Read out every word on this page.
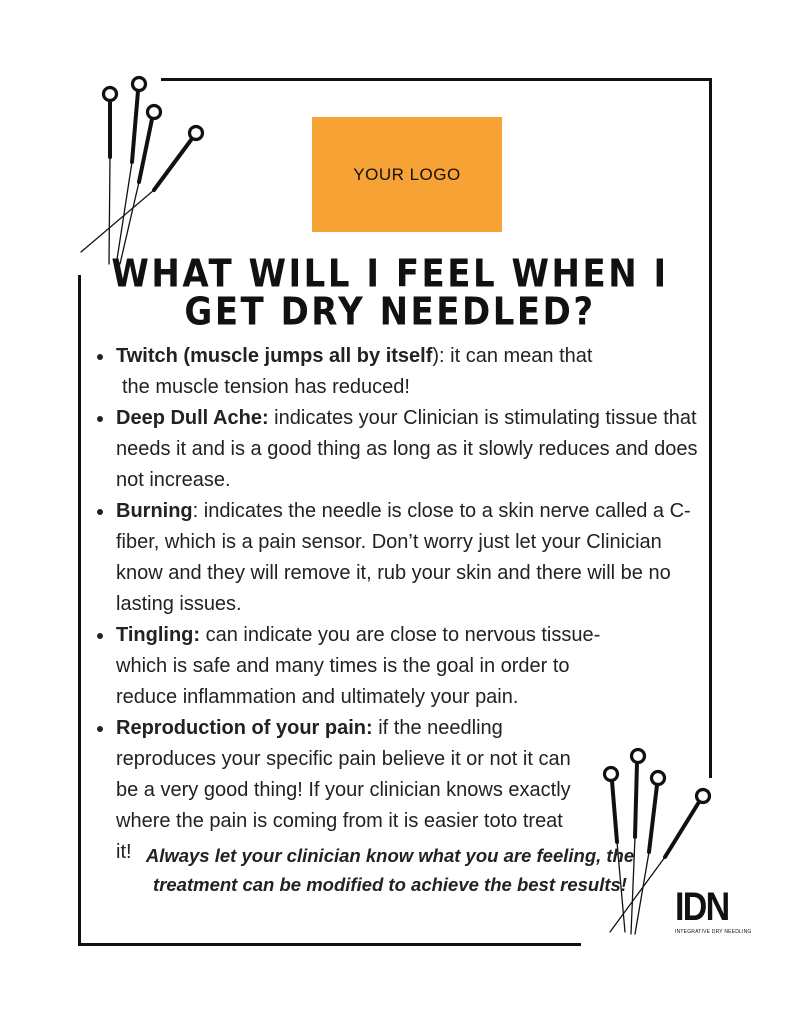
YOUR LOGO
WHAT WILL I FEEL WHEN I GET DRY NEEDLED?
Twitch (muscle jumps all by itself): it can mean that
the muscle tension has reduced!
Deep Dull Ache: indicates your Clinician is stimulating tissue that needs it and is a good thing as long as it slowly reduces and does not increase.
Burning: indicates the needle is close to a skin nerve called a C-fiber, which is a pain sensor. Don’t worry just let your Clinician know and they will remove it, rub your skin and there will be no lasting issues.
Tingling: can indicate you are close to nervous tissue-which is safe and many times is the goal in order to reduce inflammation and ultimately your pain.
Reproduction of your pain: if the needling reproduces your specific pain believe it or not it can be a very good thing! If your clinician knows exactly where the pain is coming from it is easier toto treat it! Always let your clinician know what you are feeling, the treatment can be modified to achieve the best results!

IDN
INTEGRATIVE DRY NEEDLING
